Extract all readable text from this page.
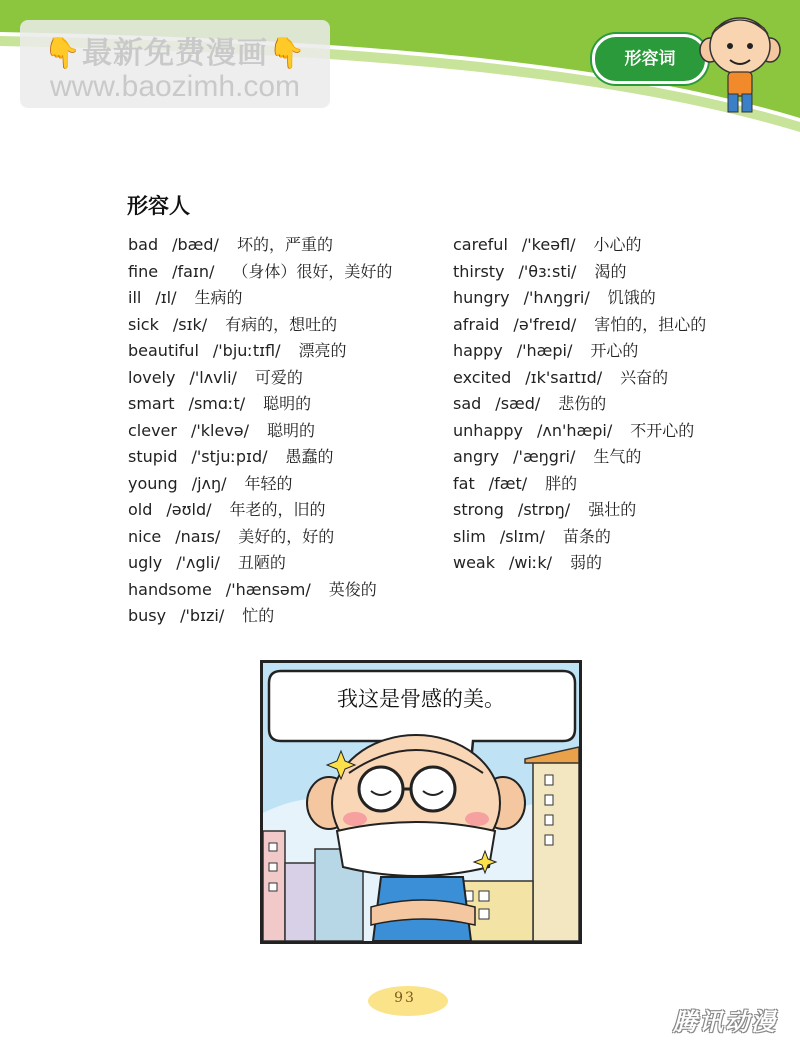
👇最新免费漫画👇
www.baozimh.com
形容词
形容人
bad /bæd/ 坏的，严重的
fine /faɪn/ （身体）很好，美好的
ill /ɪl/ 生病的
sick /sɪk/ 有病的，想吐的
beautiful /'bjuːtɪfl/ 漂亮的
lovely /'lʌvli/ 可爱的
smart /smɑːt/ 聪明的
clever /'klevə/ 聪明的
stupid /'stjuːpɪd/ 愚蠢的
young /jʌŋ/ 年轻的
old /əʊld/ 年老的，旧的
nice /naɪs/ 美好的，好的
ugly /'ʌgli/ 丑陋的
handsome /'hænsəm/ 英俊的
busy /'bɪzi/ 忙的
careful /'keəfl/ 小心的
thirsty /'θɜːsti/ 渴的
hungry /'hʌŋgri/ 饥饿的
afraid /ə'freɪd/ 害怕的，担心的
happy /'hæpi/ 开心的
excited /ɪk'saɪtɪd/ 兴奋的
sad /sæd/ 悲伤的
unhappy /ʌn'hæpi/ 不开心的
angry /'æŋgri/ 生气的
fat /fæt/ 胖的
strong /strɒŋ/ 强壮的
slim /slɪm/ 苗条的
weak /wiːk/ 弱的
我这是骨感的美。
93
腾讯动漫
